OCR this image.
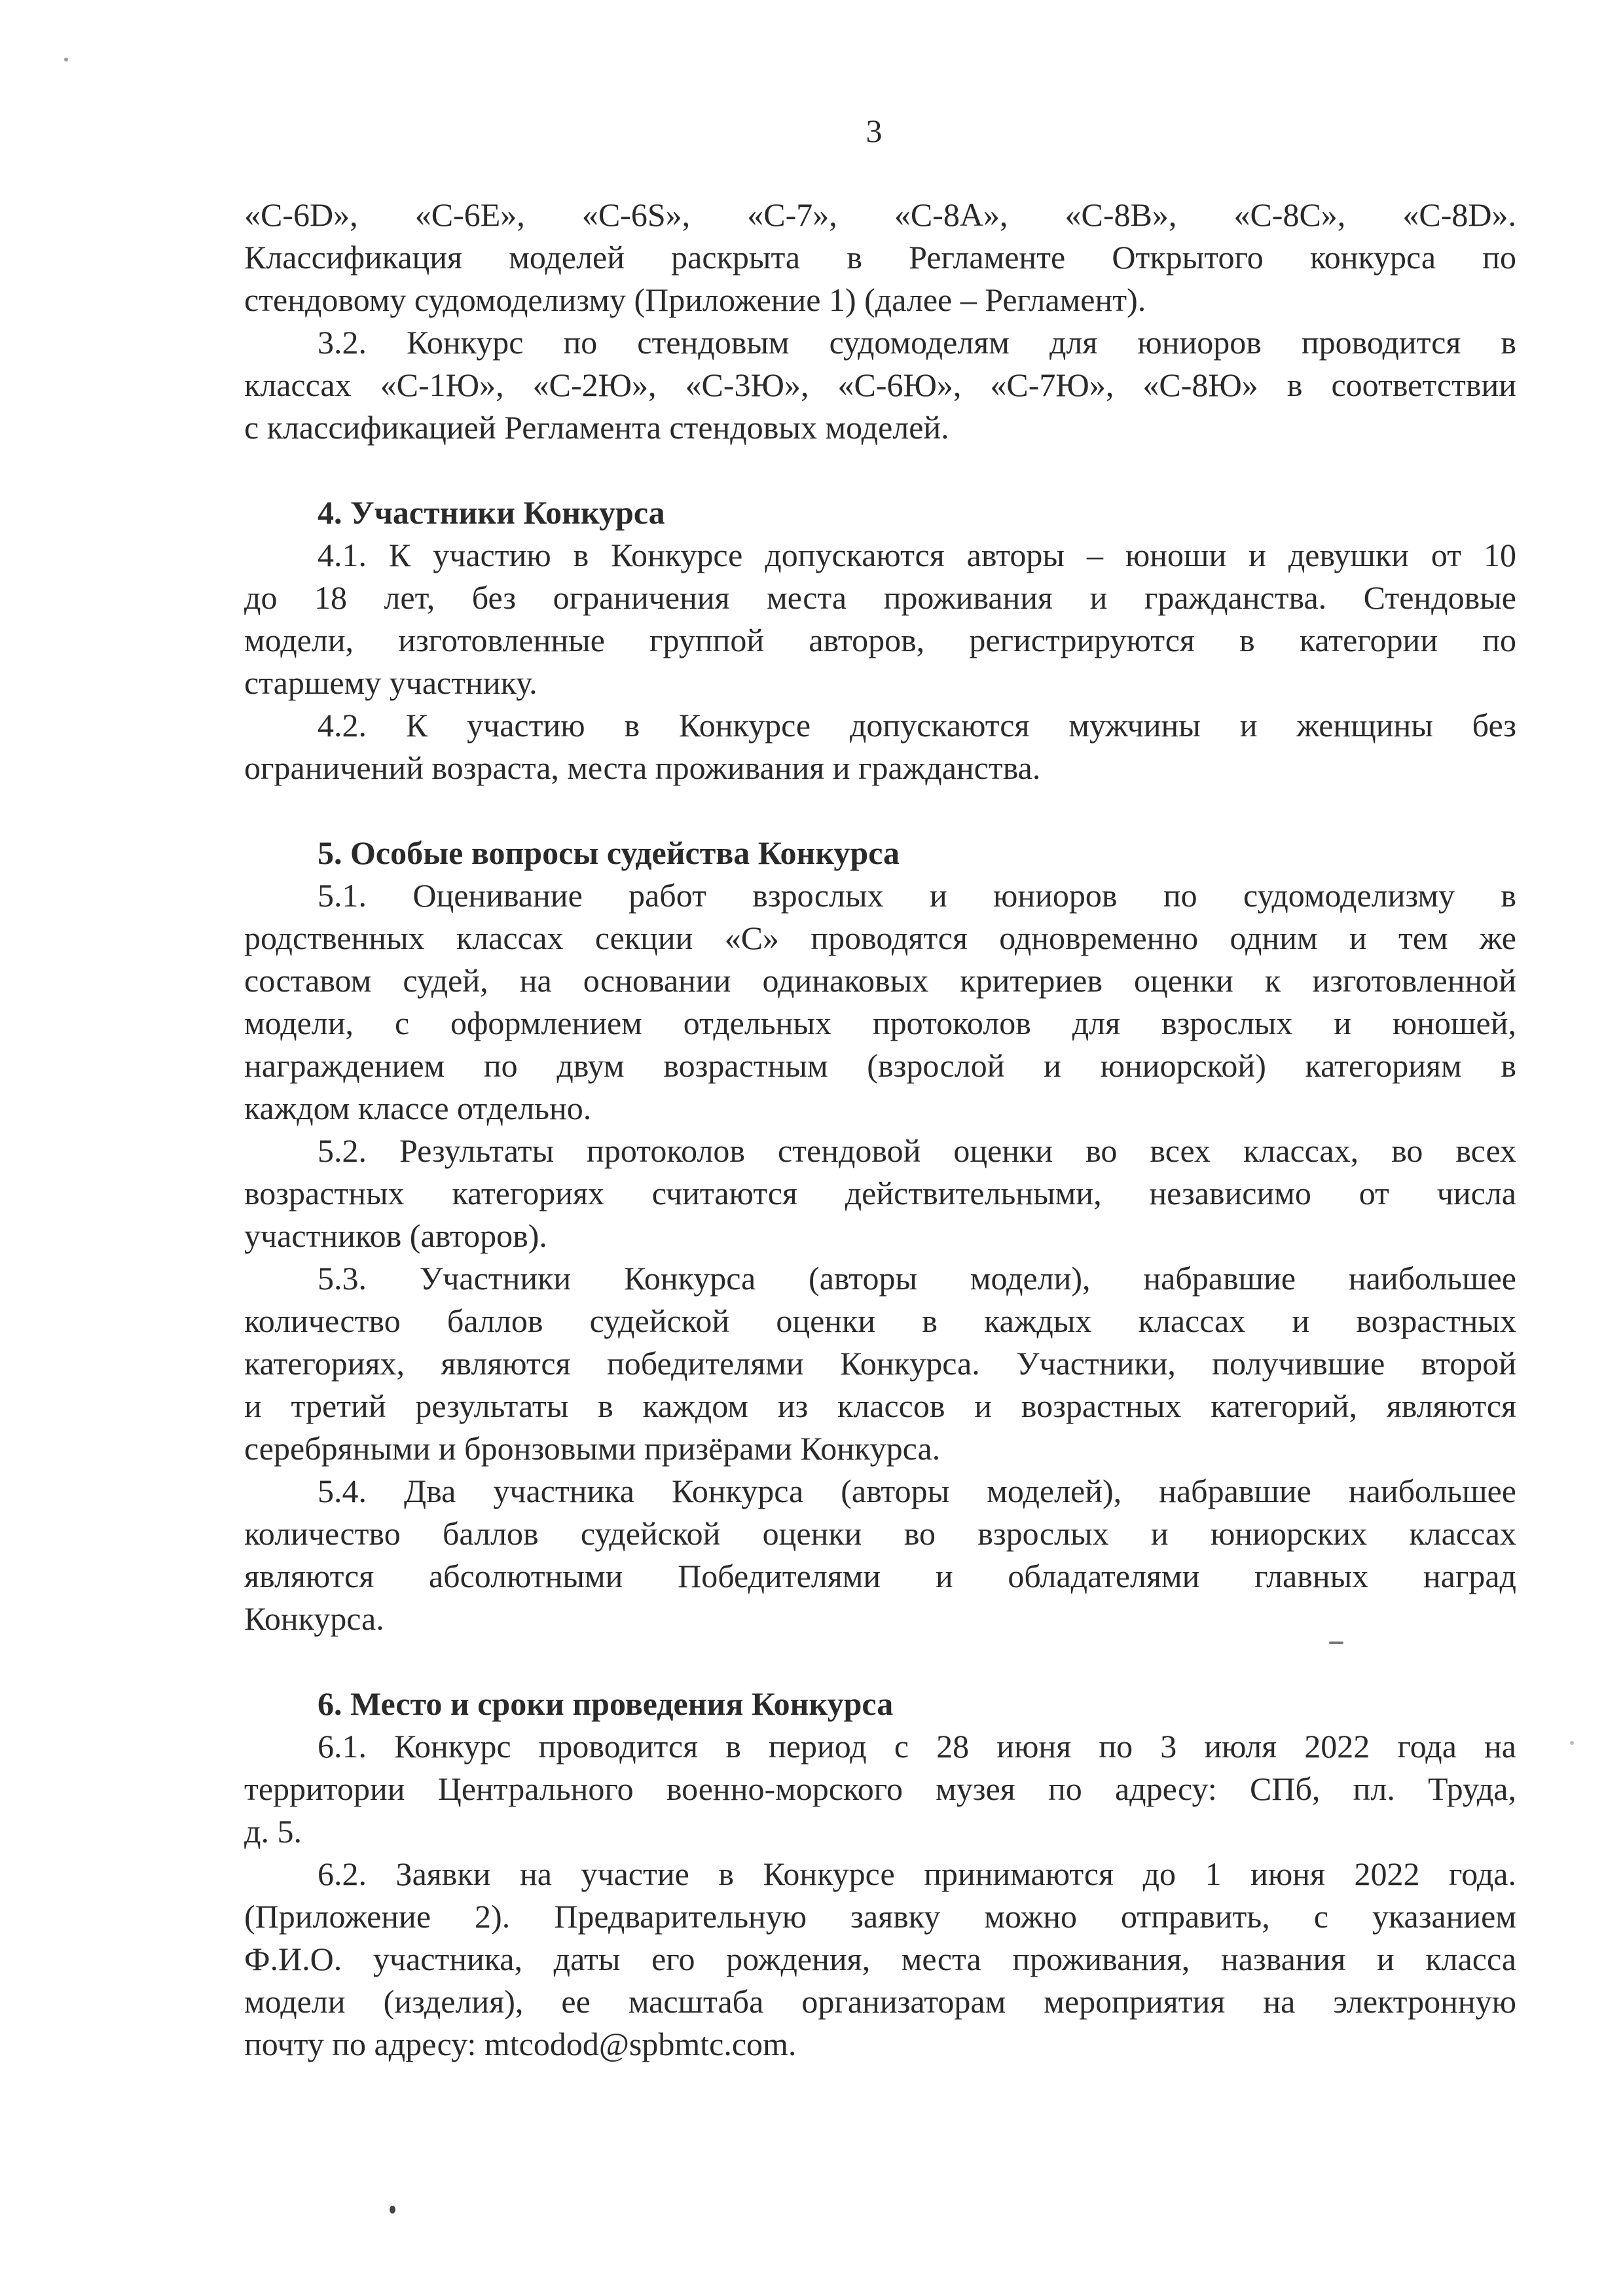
3
«С-6D», «С-6E», «С-6S», «С-7», «С-8A», «С-8B», «С-8C», «С-8D».
Классификация моделей раскрыта в Регламенте Открытого конкурса по
стендовому судомоделизму (Приложение 1) (далее – Регламент).
3.2. Конкурс по стендовым судомоделям для юниоров проводится в
классах «С-1Ю», «С-2Ю», «С-3Ю», «С-6Ю», «С-7Ю», «С-8Ю» в соответствии
с классификацией Регламента стендовых моделей.
4. Участники Конкурса
4.1. К участию в Конкурсе допускаются авторы – юноши и девушки от 10
до 18 лет, без ограничения места проживания и гражданства. Стендовые
модели, изготовленные группой авторов, регистрируются в категории по
старшему участнику.
4.2. К участию в Конкурсе допускаются мужчины и женщины без
ограничений возраста, места проживания и гражданства.
5. Особые вопросы судейства Конкурса
5.1. Оценивание работ взрослых и юниоров по судомоделизму в
родственных классах секции «С» проводятся одновременно одним и тем же
составом судей, на основании одинаковых критериев оценки к изготовленной
модели, с оформлением отдельных протоколов для взрослых и юношей,
награждением по двум возрастным (взрослой и юниорской) категориям в
каждом классе отдельно.
5.2. Результаты протоколов стендовой оценки во всех классах, во всех
возрастных категориях считаются действительными, независимо от числа
участников (авторов).
5.3. Участники Конкурса (авторы модели), набравшие наибольшее
количество баллов судейской оценки в каждых классах и возрастных
категориях, являются победителями Конкурса. Участники, получившие второй
и третий результаты в каждом из классов и возрастных категорий, являются
серебряными и бронзовыми призёрами Конкурса.
5.4. Два участника Конкурса (авторы моделей), набравшие наибольшее
количество баллов судейской оценки во взрослых и юниорских классах
являются абсолютными Победителями и обладателями главных наград
Конкурса.
6. Место и сроки проведения Конкурса
6.1. Конкурс проводится в период с 28 июня по 3 июля 2022 года на
территории Центрального военно-морского музея по адресу: СПб, пл. Труда,
д. 5.
6.2. Заявки на участие в Конкурсе принимаются до 1 июня 2022 года.
(Приложение 2). Предварительную заявку можно отправить, с указанием
Ф.И.О. участника, даты его рождения, места проживания, названия и класса
модели (изделия), ее масштаба организаторам мероприятия на электронную
почту по адресу: mtcodod@spbmtc.com.
